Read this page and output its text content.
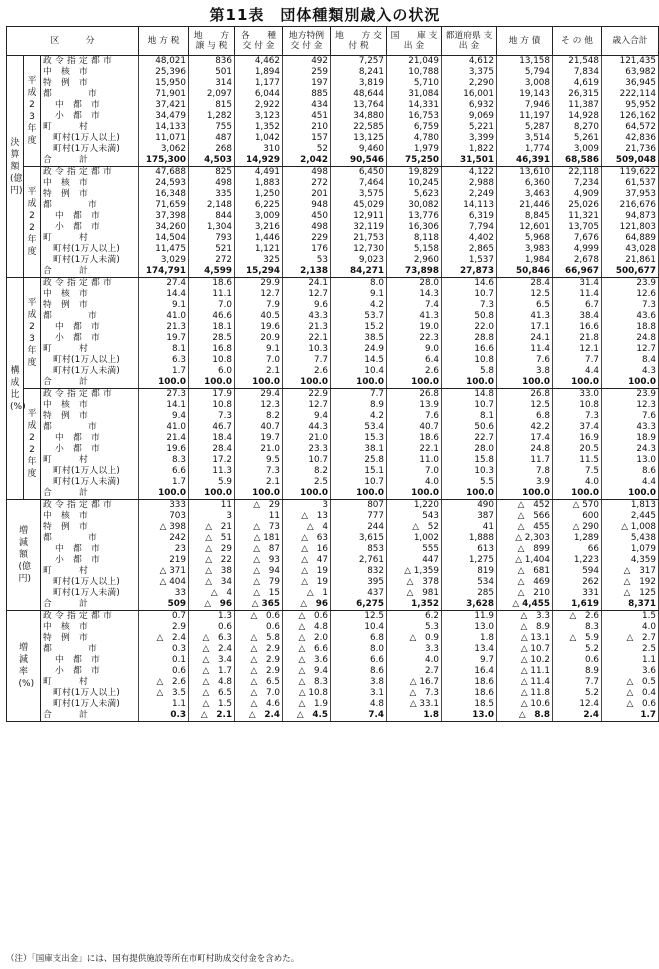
第11表　団体種類別歳入の状況
区　　　分			地 方 税	地　　方 譲 与 税	各　　種 交 付 金	地方特例 交 付 金	地　　方 交 付 税	国　　庫 支 出 金	都道府県 支 出 金	地 方 債	そ の 他	歳入合計
決算額(億円)	平成23年度	政 令 指 定 都 市	48,021	836	4,462	492	7,257	21,049	4,612	13,158	21,548	121,435
		中　核　市	25,396	501	1,894	259	8,241	10,788	3,375	5,794	7,834	63,982
		特　例　市	15,950	314	1,177	197	3,819	5,710	2,290	3,008	4,619	36,945
		都　　　　市	71,901	2,097	6,044	885	48,644	31,084	16,001	19,143	26,315	222,114
		中　都　市	37,421	815	2,922	434	13,764	14,331	6,932	7,946	11,387	95,952
		小　都　市	34,479	1,282	3,123	451	34,880	16,753	9,069	11,197	14,928	126,162
		町　　　村	14,133	755	1,352	210	22,585	6,759	5,221	5,287	8,270	64,572
		町村(1万人以上)	11,071	487	1,042	157	13,125	4,780	3,399	3,514	5,261	42,836
		町村(1万人未満)	3,062	268	310	52	9,460	1,979	1,822	1,774	3,009	21,736
		合　　　計	175,300	4,503	14,929	2,042	90,546	75,250	31,501	46,391	68,586	509,048
	平成22年度	政 令 指 定 都 市	47,688	825	4,491	498	6,450	19,829	4,122	13,610	22,118	119,622
		中　核　市	24,593	498	1,883	272	7,464	10,245	2,988	6,360	7,234	61,537
		特　例　市	16,348	335	1,250	201	3,575	5,623	2,249	3,463	4,909	37,953
		都　　　　市	71,659	2,148	6,225	948	45,029	30,082	14,113	21,446	25,026	216,676
		中　都　市	37,398	844	3,009	450	12,911	13,776	6,319	8,845	11,321	94,873
		小　都　市	34,260	1,304	3,216	498	32,119	16,306	7,794	12,601	13,705	121,803
		町　　　村	14,504	793	1,446	229	21,753	8,118	4,402	5,968	7,676	64,889
		町村(1万人以上)	11,475	521	1,121	176	12,730	5,158	2,865	3,983	4,999	43,028
		町村(1万人未満)	3,029	272	325	53	9,023	2,960	1,537	1,984	2,678	21,861
		合　　　計	174,791	4,599	15,294	2,138	84,271	73,898	27,873	50,846	66,967	500,677
構成比(%)	平成23年度	政 令 指 定 都 市	27.4	18.6	29.9	24.1	8.0	28.0	14.6	28.4	31.4	23.9
		中　核　市	14.4	11.1	12.7	12.7	9.1	14.3	10.7	12.5	11.4	12.6
		特　例　市	9.1	7.0	7.9	9.6	4.2	7.4	7.3	6.5	6.7	7.3
		都　　　　市	41.0	46.6	40.5	43.3	53.7	41.3	50.8	41.3	38.4	43.6
		中　都　市	21.3	18.1	19.6	21.3	15.2	19.0	22.0	17.1	16.6	18.8
		小　都　市	19.7	28.5	20.9	22.1	38.5	22.3	28.8	24.1	21.8	24.8
		町　　　村	8.1	16.8	9.1	10.3	24.9	9.0	16.6	11.4	12.1	12.7
		町村(1万人以上)	6.3	10.8	7.0	7.7	14.5	6.4	10.8	7.6	7.7	8.4
		町村(1万人未満)	1.7	6.0	2.1	2.6	10.4	2.6	5.8	3.8	4.4	4.3
		合　　　計	100.0	100.0	100.0	100.0	100.0	100.0	100.0	100.0	100.0	100.0
	平成22年度	政 令 指 定 都 市	27.3	17.9	29.4	22.9	7.7	26.8	14.8	26.8	33.0	23.9
		中　核　市	14.1	10.8	12.3	12.7	8.9	13.9	10.7	12.5	10.8	12.3
		特　例　市	9.4	7.3	8.2	9.4	4.2	7.6	8.1	6.8	7.3	7.6
		都　　　　市	41.0	46.7	40.7	44.3	53.4	40.7	50.6	42.2	37.4	43.3
		中　都　市	21.4	18.4	19.7	21.0	15.3	18.6	22.7	17.4	16.9	18.9
		小　都　市	19.6	28.4	21.0	23.3	38.1	22.1	28.0	24.8	20.5	24.3
		町　　　村	8.3	17.2	9.5	10.7	25.8	11.0	15.8	11.7	11.5	13.0
		町村(1万人以上)	6.6	11.3	7.3	8.2	15.1	7.0	10.3	7.8	7.5	8.6
		町村(1万人未満)	1.7	5.9	2.1	2.5	10.7	4.0	5.5	3.9	4.0	4.4
		合　　　計	100.0	100.0	100.0	100.0	100.0	100.0	100.0	100.0	100.0	100.0
増減額(億円)		政 令 指 定 都 市	333	11	△　29	3	807	1,220	490	△　452	△ 570	1,813
		中　核　市	703	3	11	△　13	777	543	387	△　566	600	2,445
		特　例　市	△ 398	△　21	△　73	△　4	244	△　52	41	△　455	△ 290	△ 1,008
		都　　　　市	242	△　51	△ 181	△　63	3,615	1,002	1,888	△ 2,303	1,289	5,438
		中　都　市	23	△　29	△　87	△　16	853	555	613	△　899	66	1,079
		小　都　市	219	△　22	△　93	△　47	2,761	447	1,275	△ 1,404	1,223	4,359
		町　　　村	△ 371	△　38	△　94	△　19	832	△ 1,359	819	△　681	594	△　317
		町村(1万人以上)	△ 404	△　34	△　79	△　19	395	△　378	534	△　469	262	△　192
		町村(1万人未満)	33	△　4	△　15	△　1	437	△　981	285	△　210	331	△　125
		合　　　計	509	△　96	△ 365	△　96	6,275	1,352	3,628	△ 4,455	1,619	8,371
増減率(%)		政 令 指 定 都 市	0.7	1.3	△　0.6	△　0.6	12.5	6.2	11.9	△　3.3	△　2.6	1.5
		中　核　市	2.9	0.6	0.6	△　4.8	10.4	5.3	13.0	△　8.9	8.3	4.0
		特　例　市	△　2.4	△　6.3	△　5.8	△　2.0	6.8	△　0.9	1.8	△ 13.1	△　5.9	△　2.7
		都　　　　市	0.3	△　2.4	△　2.9	△　6.6	8.0	3.3	13.4	△ 10.7	5.2	2.5
		中　都　市	0.1	△　3.4	△　2.9	△　3.6	6.6	4.0	9.7	△ 10.2	0.6	1.1
		小　都　市	0.6	△　1.7	△　2.9	△　9.4	8.6	2.7	16.4	△ 11.1	8.9	3.6
		町　　　村	△　2.6	△　4.8	△　6.5	△　8.3	3.8	△ 16.7	18.6	△ 11.4	7.7	△　0.5
		町村(1万人以上)	△　3.5	△　6.5	△　7.0	△ 10.8	3.1	△　7.3	18.6	△ 11.8	5.2	△　0.4
		町村(1万人未満)	1.1	△　1.5	△　4.6	△　1.9	4.8	△ 33.1	18.5	△ 10.6	12.4	△　0.6
		合　　　計	0.3	△　2.1	△　2.4	△　4.5	7.4	1.8	13.0	△　8.8	2.4	1.7
（注）「国庫支出金」には、国有提供施設等所在市町村助成交付金を含めた。
